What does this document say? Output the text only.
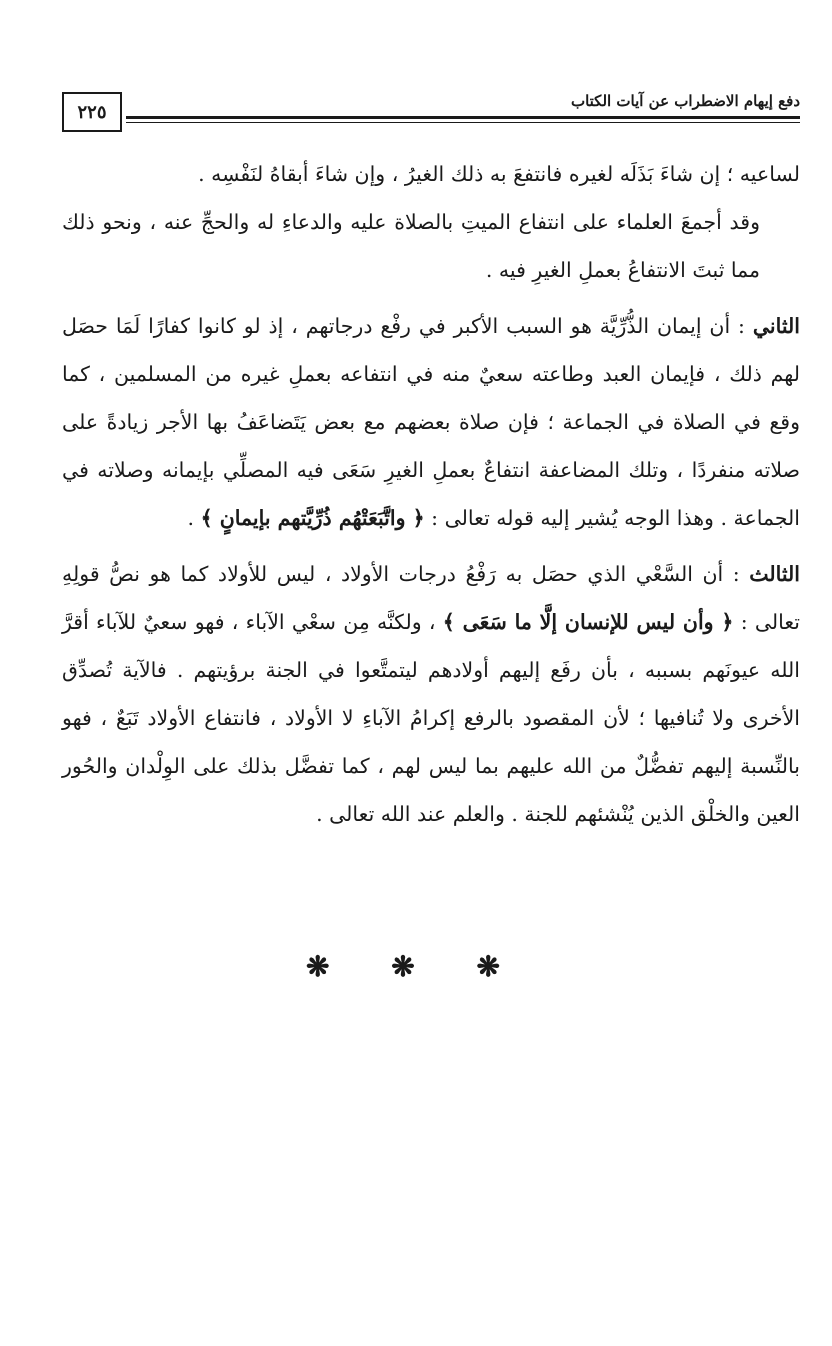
٢٢٥
دفع إيهام الاضطراب عن آيات الكتاب

لساعيه ؛ إن شاءَ بَذَلَه لغيره فانتفعَ به ذلك الغيرُ ، وإن شاءَ أبقاهُ لنَفْسِه .

وقد أجمعَ العلماء على انتفاع الميتِ بالصلاة عليه والدعاءِ له والحجِّ عنه ، ونحو ذلك مما ثبتَ الانتفاعُ بعملِ الغيرِ فيه .

الثاني : أن إيمان الذُّرِّيَّة هو السبب الأكبر في رفْع درجاتهم ، إذ لو كانوا كفارًا لَمَا حصَل لهم ذلك ، فإيمان العبد وطاعته سعيٌ منه في انتفاعه بعملِ غيره من المسلمين ، كما وقع في الصلاة في الجماعة ؛ فإن صلاة بعضهم مع بعض يَتَضاعَفُ بها الأجر زيادةً على صلاته منفردًا ، وتلك المضاعفة انتفاعٌ بعملِ الغيرِ سَعَى فيه المصلِّي بإيمانه وصلاته في الجماعة . وهذا الوجه يُشير إليه قوله تعالى : ﴿ واتَّبَعَتْهُم ذُرِّيَّتهم بإيمانٍ ﴾ .

الثالث : أن السَّعْي الذي حصَل به رَفْعُ درجات الأولاد ، ليس للأولاد كما هو نصُّ قولِهِ تعالى : ﴿ وأن ليس للإنسان إلَّا ما سَعَى ﴾ ، ولكنَّه مِن سعْي الآباء ، فهو سعيٌ للآباء أقرَّ الله عيونَهم بسببه ، بأن رفَع إليهم أولادهم ليتمتَّعوا في الجنة برؤيتهم . فالآية تُصدِّق الأخرى ولا تُنافيها ؛ لأن المقصود بالرفع إكرامُ الآباءِ لا الأولاد ، فانتفاع الأولاد تَبَعٌ ، فهو بالنِّسبة إليهم تفضُّلٌ من الله عليهم بما ليس لهم ، كما تفضَّل بذلك على الوِلْدان والحُور العين والخلْق الذين يُنْشئهم للجنة . والعلم عند الله تعالى .

❋ ❋ ❋
